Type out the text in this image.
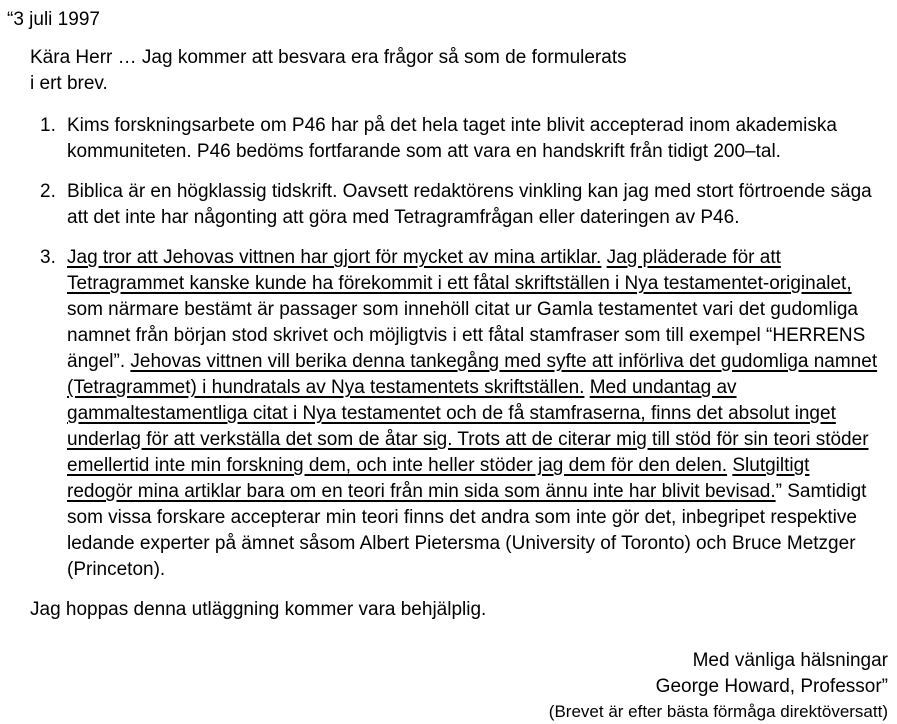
“3 juli 1997
Kära Herr … Jag kommer att besvara era frågor så som de formulerats
i ert brev.
1. Kims forskningsarbete om P46 har på det hela taget inte blivit accepterad inom akademiska kommuniteten. P46 bedöms fortfarande som att vara en handskrift från tidigt 200–tal.
2. Biblica är en högklassig tidskrift. Oavsett redaktörens vinkling kan jag med stort förtroende säga att det inte har någonting att göra med Tetragramfrågan eller dateringen av P46.
3. Jag tror att Jehovas vittnen har gjort för mycket av mina artiklar. Jag pläderade för att Tetragrammet kanske kunde ha förekommit i ett fåtal skriftställen i Nya testamentet-originalet, som närmare bestämt är passager som innehöll citat ur Gamla testamentet vari det gudomliga namnet från början stod skrivet och möjligtvis i ett fåtal stamfraser som till exempel “HERRENS ängel”. Jehovas vittnen vill berika denna tankegång med syfte att införliva det gudomliga namnet (Tetragrammet) i hundratals av Nya testamentets skriftställen. Med undantag av gammaltestamentliga citat i Nya testamentet och de få stamfraserna, finns det absolut inget underlag för att verkställa det som de åtar sig. Trots att de citerar mig till stöd för sin teori stöder emellertid inte min forskning dem, och inte heller stöder jag dem för den delen. Slutgiltigt redogör mina artiklar bara om en teori från min sida som ännu inte har blivit bevisad.” Samtidigt som vissa forskare accepterar min teori finns det andra som inte gör det, inbegripet respektive ledande experter på ämnet såsom Albert Pietersma (University of Toronto) och Bruce Metzger (Princeton).
Jag hoppas denna utläggning kommer vara behjälplig.
Med vänliga hälsningar
George Howard, Professor”
(Brevet är efter bästa förmåga direktöversatt)
